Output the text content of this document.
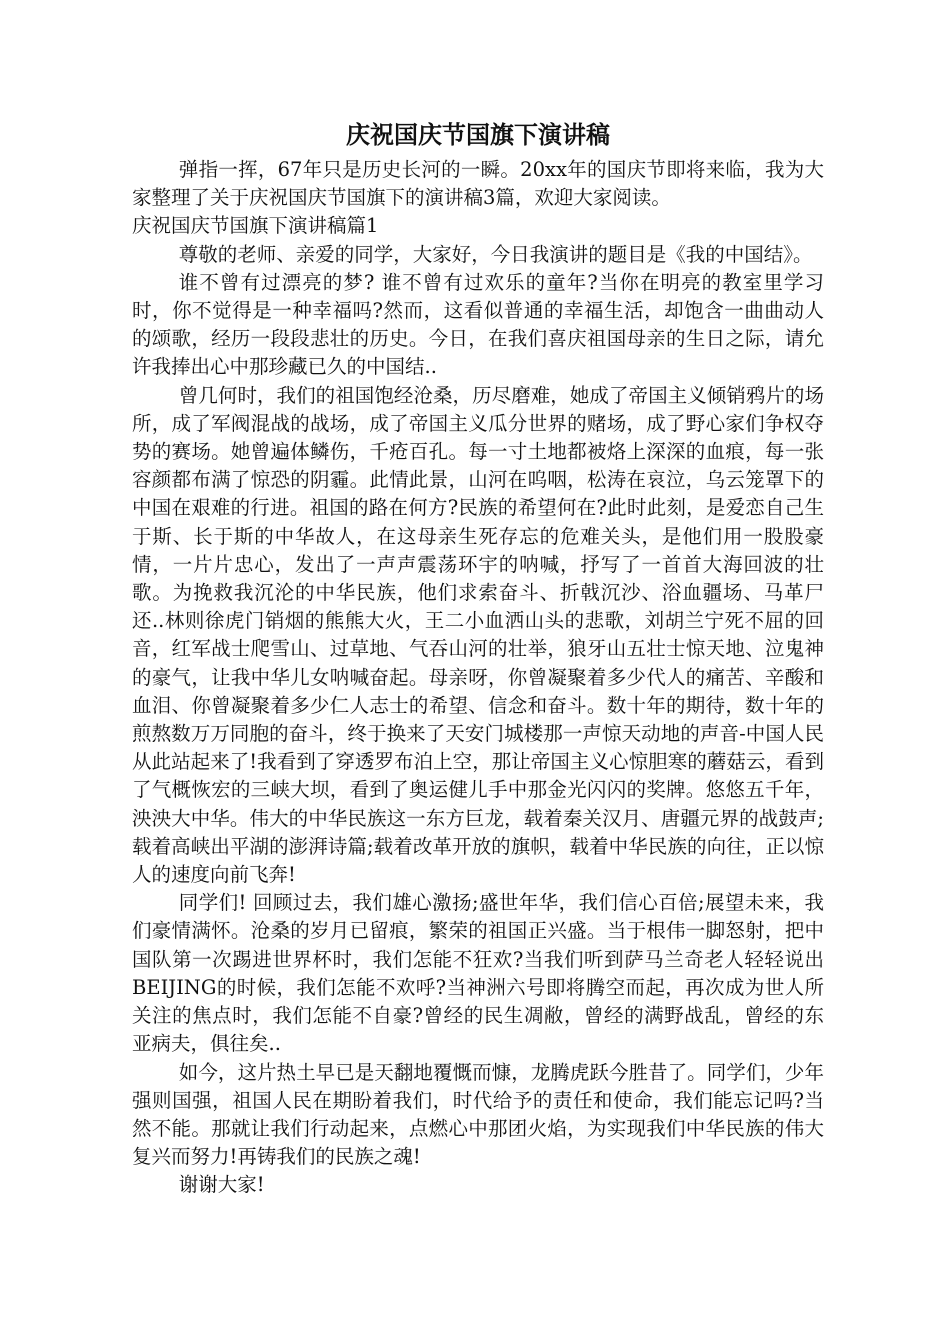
庆祝国庆节国旗下演讲稿

弹指一挥，67年只是历史长河的一瞬。20xx年的国庆节即将来临，我为大家整理了关于庆祝国庆节国旗下的演讲稿3篇，欢迎大家阅读。

庆祝国庆节国旗下演讲稿篇1

尊敬的老师、亲爱的同学，大家好，今日我演讲的题目是《我的中国结》。

谁不曾有过漂亮的梦? 谁不曾有过欢乐的童年?当你在明亮的教室里学习时，你不觉得是一种幸福吗?然而，这看似普通的幸福生活，却饱含一曲曲动人的颂歌，经历一段段悲壮的历史。今日，在我们喜庆祖国母亲的生日之际，请允许我捧出心中那珍藏已久的中国结..

曾几何时，我们的祖国饱经沧桑，历尽磨难，她成了帝国主义倾销鸦片的场所，成了军阀混战的战场，成了帝国主义瓜分世界的赌场，成了野心家们争权夺势的赛场。她曾遍体鳞伤，千疮百孔。每一寸土地都被烙上深深的血痕，每一张容颜都布满了惊恐的阴霾。此情此景，山河在呜咽，松涛在哀泣，乌云笼罩下的中国在艰难的行进。祖国的路在何方?民族的希望何在?此时此刻，是爱恋自己生于斯、长于斯的中华故人，在这母亲生死存忘的危难关头，是他们用一股股豪情，一片片忠心，发出了一声声震荡环宇的呐喊，抒写了一首首大海回波的壮歌。为挽救我沉沦的中华民族，他们求索奋斗、折戟沉沙、浴血疆场、马革尸还..林则徐虎门销烟的熊熊大火，王二小血洒山头的悲歌，刘胡兰宁死不屈的回音，红军战士爬雪山、过草地、气吞山河的壮举，狼牙山五壮士惊天地、泣鬼神的豪气，让我中华儿女呐喊奋起。母亲呀，你曾凝聚着多少代人的痛苦、辛酸和血泪、你曾凝聚着多少仁人志士的希望、信念和奋斗。数十年的期待，数十年的煎熬数万万同胞的奋斗，终于换来了天安门城楼那一声惊天动地的声音-中国人民从此站起来了!我看到了穿透罗布泊上空，那让帝国主义心惊胆寒的蘑菇云，看到了气概恢宏的三峡大坝，看到了奥运健儿手中那金光闪闪的奖牌。悠悠五千年，泱泱大中华。伟大的中华民族这一东方巨龙，载着秦关汉月、唐疆元界的战鼓声;载着高峡出平湖的澎湃诗篇;载着改革开放的旗帜，载着中华民族的向往，正以惊人的速度向前飞奔!

同学们! 回顾过去，我们雄心激扬;盛世年华，我们信心百倍;展望未来，我们豪情满怀。沧桑的岁月已留痕，繁荣的祖国正兴盛。当于根伟一脚怒射，把中国队第一次踢进世界杯时，我们怎能不狂欢?当我们听到萨马兰奇老人轻轻说出BEIJING的时候，我们怎能不欢呼?当神洲六号即将腾空而起，再次成为世人所关注的焦点时，我们怎能不自豪?曾经的民生凋敝，曾经的满野战乱，曾经的东亚病夫，俱往矣..

如今，这片热土早已是天翻地覆慨而慷，龙腾虎跃今胜昔了。同学们，少年强则国强，祖国人民在期盼着我们，时代给予的责任和使命，我们能忘记吗?当然不能。那就让我们行动起来，点燃心中那团火焰，为实现我们中华民族的伟大复兴而努力!再铸我们的民族之魂!

谢谢大家!
